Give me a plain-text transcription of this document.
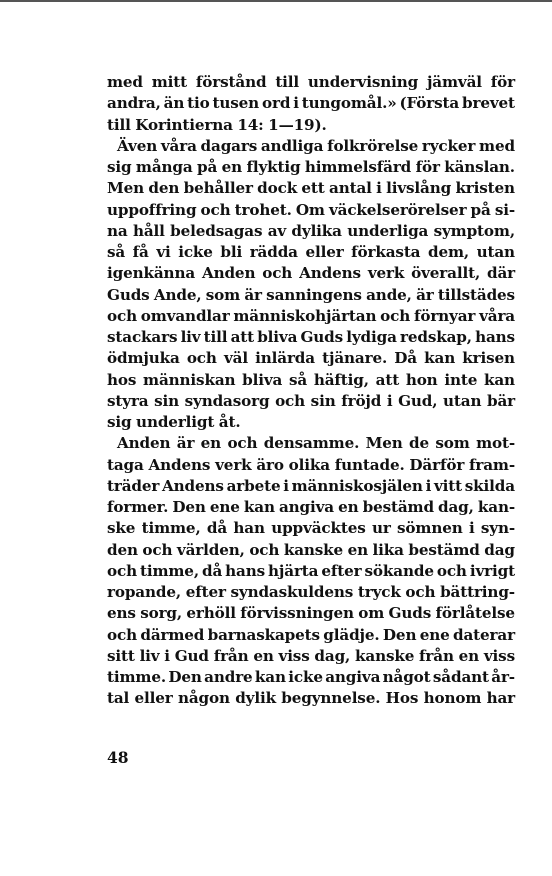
med mitt förstånd till undervisning jämväl för
andra, än tio tusen ord i tungomål.» (Första brevet
till Korintierna 14: 1—19).
Även våra dagars andliga folkrörelse rycker med
sig många på en flyktig himmelsfärd för känslan.
Men den behåller dock ett antal i livslång kristen
uppoffring och trohet. Om väckelserörelser på si-
na håll beledsagas av dylika underliga symptom,
så få vi icke bli rädda eller förkasta dem, utan
igenkänna Anden och Andens verk överallt, där
Guds Ande, som är sanningens ande, är tillstädes
och omvandlar människohjärtan och förnyar våra
stackars liv till att bliva Guds lydiga redskap, hans
ödmjuka och väl inlärda tjänare. Då kan krisen
hos människan bliva så häftig, att hon inte kan
styra sin syndasorg och sin fröjd i Gud, utan bär
sig underligt åt.
Anden är en och densamme. Men de som mot-
taga Andens verk äro olika funtade. Därför fram-
träder Andens arbete i människosjälen i vitt skilda
former. Den ene kan angiva en bestämd dag, kan-
ske timme, då han uppväcktes ur sömnen i syn-
den och världen, och kanske en lika bestämd dag
och timme, då hans hjärta efter sökande och ivrigt
ropande, efter syndaskuldens tryck och bättring-
ens sorg, erhöll förvissningen om Guds förlåtelse
och därmed barnaskapets glädje. Den ene daterar
sitt liv i Gud från en viss dag, kanske från en viss
timme. Den andre kan icke angiva något sådant år-
tal eller någon dylik begynnelse. Hos honom har
48
